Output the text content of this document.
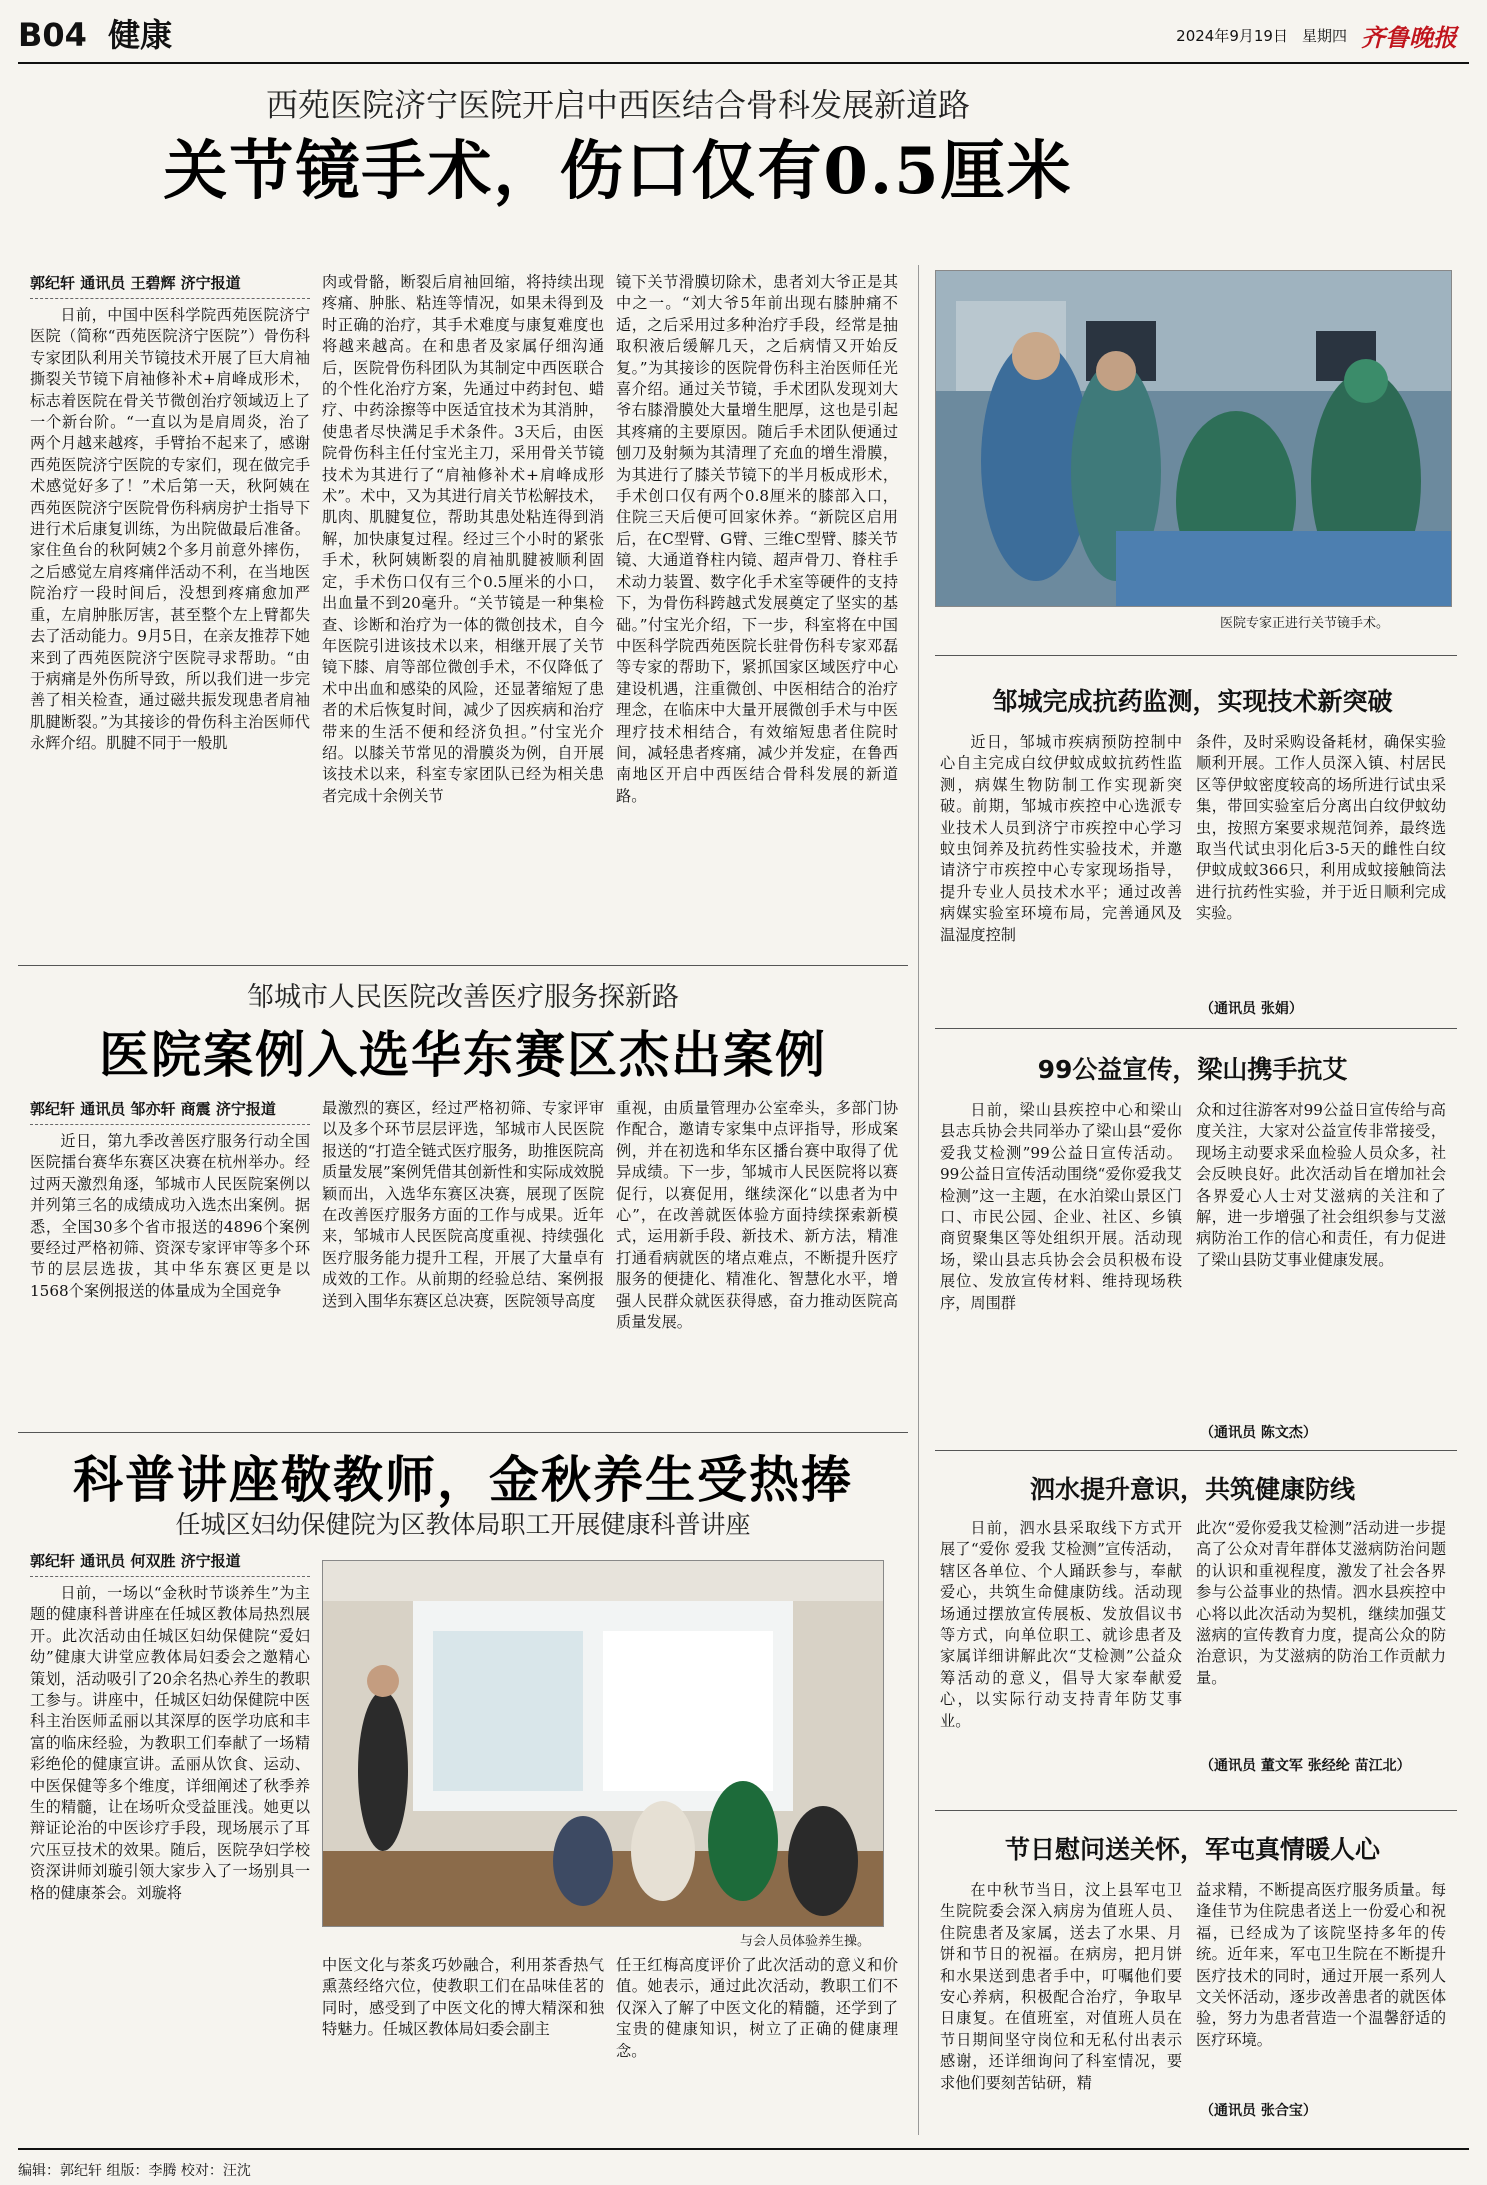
B04 健康	2024年9月19日 星期四 齐鲁晚报
西苑医院济宁医院开启中西医结合骨科发展新道路
关节镜手术，伤口仅有0.5厘米
郭纪轩 通讯员 王碧辉 济宁报道

日前，中国中医科学院西苑医院济宁医院（简称“西苑医院济宁医院”）骨伤科专家团队利用关节镜技术开展了巨大肩袖撕裂关节镜下肩袖修补术+肩峰成形术，标志着医院在骨关节微创治疗领域迈上了一个新台阶。“一直以为是肩周炎，治了两个月越来越疼，手臂抬不起来了，感谢西苑医院济宁医院的专家们，现在做完手术感觉好多了！”术后第一天，秋阿姨在西苑医院济宁医院骨伤科病房护士指导下进行术后康复训练，为出院做最后准备。家住鱼台的秋阿姨2个多月前意外摔伤，之后感觉左肩疼痛伴活动不利，在当地医院治疗一段时间后，没想到疼痛愈加严重，左肩肿胀厉害，甚至整个左上臂都失去了活动能力。9月5日，在亲友推荐下她来到了西苑医院济宁医院寻求帮助。“由于病痛是外伤所导致，所以我们进一步完善了相关检查，通过磁共振发现患者肩袖肌腱断裂。”为其接诊的骨伤科主治医师代永辉介绍。肌腱不同于一般肌

肉或骨骼，断裂后肩袖回缩，将持续出现疼痛、肿胀、粘连等情况，如果未得到及时正确的治疗，其手术难度与康复难度也将越来越高。在和患者及家属仔细沟通后，医院骨伤科团队为其制定中西医联合的个性化治疗方案，先通过中药封包、蜡疗、中药涂擦等中医适宜技术为其消肿，使患者尽快满足手术条件。3天后，由医院骨伤科主任付宝光主刀，采用骨关节镜技术为其进行了“肩袖修补术+肩峰成形术”。术中，又为其进行肩关节松解技术，肌肉、肌腱复位，帮助其患处粘连得到消解，加快康复过程。经过三个小时的紧张手术，秋阿姨断裂的肩袖肌腱被顺利固定，手术伤口仅有三个0.5厘米的小口，出血量不到20毫升。“关节镜是一种集检查、诊断和治疗为一体的微创技术，自今年医院引进该技术以来，相继开展了关节镜下膝、肩等部位微创手术，不仅降低了术中出血和感染的风险，还显著缩短了患者的术后恢复时间，减少了因疾病和治疗带来的生活不便和经济负担。”付宝光介绍。以膝关节常见的滑膜炎为例，自开展该技术以来，科室专家团队已经为相关患者完成十余例关节

镜下关节滑膜切除术，患者刘大爷正是其中之一。“刘大爷5年前出现右膝肿痛不适，之后采用过多种治疗手段，经常是抽取积液后缓解几天，之后病情又开始反复。”为其接诊的医院骨伤科主治医师任光喜介绍。通过关节镜，手术团队发现刘大爷右膝滑膜处大量增生肥厚，这也是引起其疼痛的主要原因。随后手术团队便通过刨刀及射频为其清理了充血的增生滑膜，为其进行了膝关节镜下的半月板成形术，手术创口仅有两个0.8厘米的膝部入口，住院三天后便可回家休养。“新院区启用后，在C型臂、G臂、三维C型臂、膝关节镜、大通道脊柱内镜、超声骨刀、脊柱手术动力装置、数字化手术室等硬件的支持下，为骨伤科跨越式发展奠定了坚实的基础。”付宝光介绍，下一步，科室将在中国中医科学院西苑医院长驻骨伤科专家邓磊等专家的帮助下，紧抓国家区域医疗中心建设机遇，注重微创、中医相结合的治疗理念，在临床中大量开展微创手术与中医理疗技术相结合，有效缩短患者住院时间，减轻患者疼痛，减少并发症，在鲁西南地区开启中西医结合骨科发展的新道路。

医院专家正进行关节镜手术。
邹城完成抗药监测，实现技术新突破

近日，邹城市疾病预防控制中心自主完成白纹伊蚊成蚊抗药性监测，病媒生物防制工作实现新突破。前期，邹城市疾控中心选派专业技术人员到济宁市疾控中心学习蚊虫饲养及抗药性实验技术，并邀请济宁市疾控中心专家现场指导，提升专业人员技术水平；通过改善病媒实验室环境布局，完善通风及温湿度控制

条件，及时采购设备耗材，确保实验顺利开展。工作人员深入镇、村居民区等伊蚊密度较高的场所进行试虫采集，带回实验室后分离出白纹伊蚊幼虫，按照方案要求规范饲养，最终选取当代试虫羽化后3-5天的雌性白纹伊蚊成蚊366只，利用成蚊接触筒法进行抗药性实验，并于近日顺利完成实验。

（通讯员 张娟）
邹城市人民医院改善医疗服务探新路
医院案例入选华东赛区杰出案例
郭纪轩 通讯员 邹亦轩 商震 济宁报道

近日，第九季改善医疗服务行动全国医院擂台赛华东赛区决赛在杭州举办。经过两天激烈角逐，邹城市人民医院案例以并列第三名的成绩成功入选杰出案例。据悉，全国30多个省市报送的4896个案例要经过严格初筛、资深专家评审等多个环节的层层选拔，其中华东赛区更是以1568个案例报送的体量成为全国竞争

最激烈的赛区，经过严格初筛、专家评审以及多个环节层层评选，邹城市人民医院报送的“打造全链式医疗服务，助推医院高质量发展”案例凭借其创新性和实际成效脱颖而出，入选华东赛区决赛，展现了医院在改善医疗服务方面的工作与成果。近年来，邹城市人民医院高度重视、持续强化医疗服务能力提升工程，开展了大量卓有成效的工作。从前期的经验总结、案例报送到入围华东赛区总决赛，医院领导高度

重视，由质量管理办公室牵头，多部门协作配合，邀请专家集中点评指导，形成案例，并在初选和华东区播台赛中取得了优异成绩。下一步，邹城市人民医院将以赛促行，以赛促用，继续深化“以患者为中心”，在改善就医体验方面持续探索新模式，运用新手段、新技术、新方法，精准打通看病就医的堵点难点，不断提升医疗服务的便捷化、精准化、智慧化水平，增强人民群众就医获得感，奋力推动医院高质量发展。

99公益宣传，梁山携手抗艾

日前，梁山县疾控中心和梁山县志兵协会共同举办了梁山县“爱你爱我艾检测”99公益日宣传活动。99公益日宣传活动围绕“爱你爱我艾检测”这一主题，在水泊梁山景区门口、市民公园、企业、社区、乡镇商贸聚集区等处组织开展。活动现场，梁山县志兵协会会员积极布设展位、发放宣传材料、维持现场秩序，周围群

众和过往游客对99公益日宣传给与高度关注，大家对公益宣传非常接受，现场主动要求采血检验人员众多，社会反映良好。此次活动旨在增加社会各界爱心人士对艾滋病的关注和了解，进一步增强了社会组织参与艾滋病防治工作的信心和责任，有力促进了梁山县防艾事业健康发展。

（通讯员 陈文杰）
科普讲座敬教师，金秋养生受热捧
任城区妇幼保健院为区教体局职工开展健康科普讲座
郭纪轩 通讯员 何双胜 济宁报道

日前，一场以“金秋时节谈养生”为主题的健康科普讲座在任城区教体局热烈展开。此次活动由任城区妇幼保健院“爱妇幼”健康大讲堂应教体局妇委会之邀精心策划，活动吸引了20余名热心养生的教职工参与。讲座中，任城区妇幼保健院中医科主治医师孟丽以其深厚的医学功底和丰富的临床经验，为教职工们奉献了一场精彩绝伦的健康宣讲。孟丽从饮食、运动、中医保健等多个维度，详细阐述了秋季养生的精髓，让在场听众受益匪浅。她更以辩证论治的中医诊疗手段，现场展示了耳穴压豆技术的效果。随后，医院孕妇学校资深讲师刘璇引领大家步入了一场别具一格的健康茶会。刘璇将

与会人员体验养生操。

中医文化与茶炙巧妙融合，利用茶香热气熏蒸经络穴位，使教职工们在品味佳茗的同时，感受到了中医文化的博大精深和独特魅力。任城区教体局妇委会副主

任王红梅高度评价了此次活动的意义和价值。她表示，通过此次活动，教职工们不仅深入了解了中医文化的精髓，还学到了宝贵的健康知识，树立了正确的健康理念。

泗水提升意识，共筑健康防线

日前，泗水县采取线下方式开展了“爱你 爱我 艾检测”宣传活动，辖区各单位、个人踊跃参与，奉献爱心，共筑生命健康防线。活动现场通过摆放宣传展板、发放倡议书等方式，向单位职工、就诊患者及家属详细讲解此次“艾检测”公益众筹活动的意义，倡导大家奉献爱心，以实际行动支持青年防艾事业。

此次“爱你爱我艾检测”活动进一步提高了公众对青年群体艾滋病防治问题的认识和重视程度，激发了社会各界参与公益事业的热情。泗水县疾控中心将以此次活动为契机，继续加强艾滋病的宣传教育力度，提高公众的防治意识，为艾滋病的防治工作贡献力量。

（通讯员 董文军 张经纶 苗江北）
节日慰问送关怀，军屯真情暖人心

在中秋节当日，汶上县军屯卫生院院委会深入病房为值班人员、住院患者及家属，送去了水果、月饼和节日的祝福。在病房，把月饼和水果送到患者手中，叮嘱他们要安心养病，积极配合治疗，争取早日康复。在值班室，对值班人员在节日期间坚守岗位和无私付出表示感谢，还详细询问了科室情况，要求他们要刻苦钻研，精

益求精，不断提高医疗服务质量。每逢佳节为住院患者送上一份爱心和祝福，已经成为了该院坚持多年的传统。近年来，军屯卫生院在不断提升医疗技术的同时，通过开展一系列人文关怀活动，逐步改善患者的就医体验，努力为患者营造一个温馨舒适的医疗环境。

（通讯员 张合宝）
编辑：郭纪轩 组版：李腾 校对：汪沈
